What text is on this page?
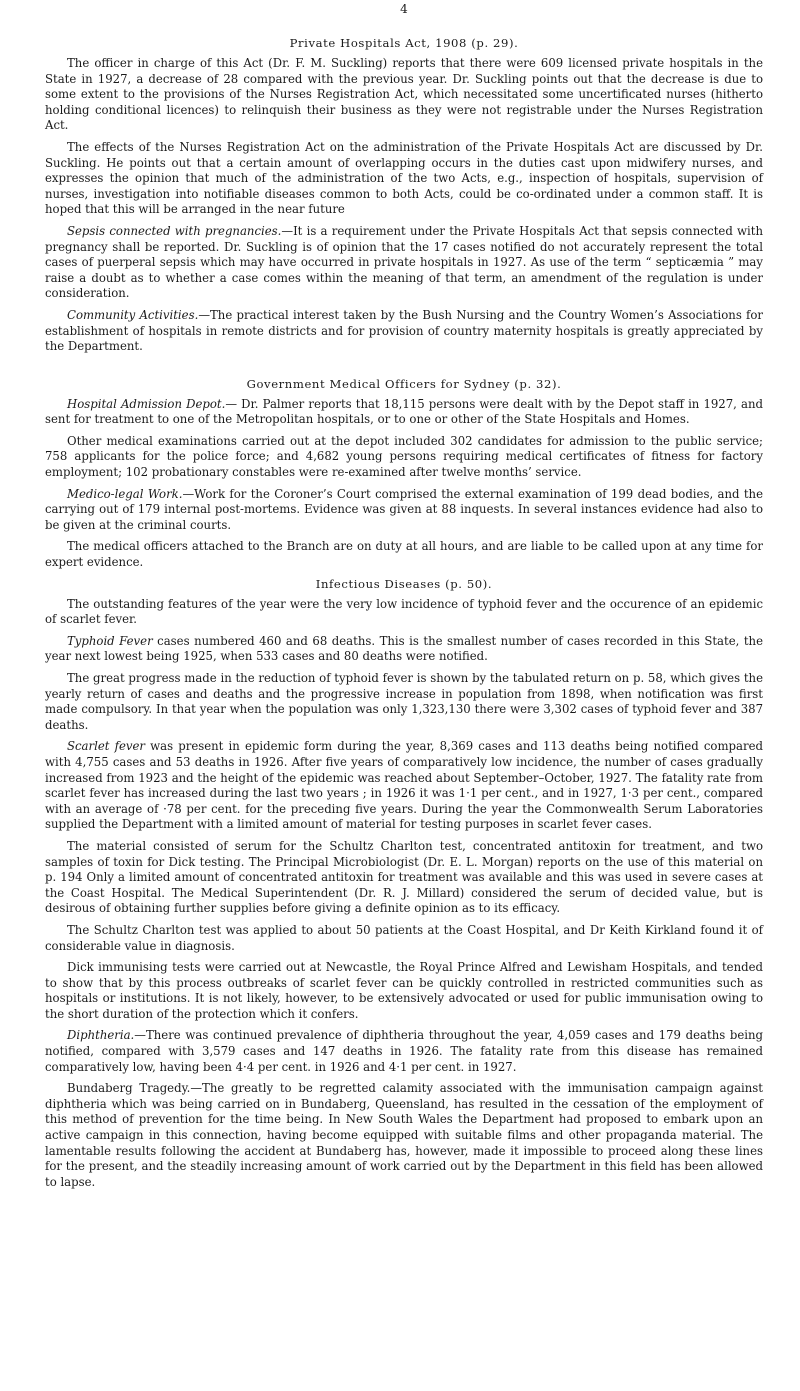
4
Private Hospitals Act, 1908 (p. 29).

The officer in charge of this Act (Dr. F. M. Suckling) reports that there were 609 licensed private hospitals in the State in 1927, a decrease of 28 compared with the previous year. Dr. Suckling points out that the decrease is due to some extent to the provisions of the Nurses Registration Act, which necessitated some uncertificated nurses (hitherto holding conditional licences) to relinquish their business as they were not registrable under the Nurses Registration Act.

The effects of the Nurses Registration Act on the administration of the Private Hospitals Act are discussed by Dr. Suckling. He points out that a certain amount of overlapping occurs in the duties cast upon midwifery nurses, and expresses the opinion that much of the administration of the two Acts, e.g., inspection of hospitals, supervision of nurses, investigation into notifiable diseases common to both Acts, could be co-ordinated under a common staff. It is hoped that this will be arranged in the near future

Sepsis connected with pregnancies.—It is a requirement under the Private Hospitals Act that sepsis connected with pregnancy shall be reported. Dr. Suckling is of opinion that the 17 cases notified do not accurately represent the total cases of puerperal sepsis which may have occurred in private hospitals in 1927. As use of the term “ septicæmia ” may raise a doubt as to whether a case comes within the meaning of that term, an amendment of the regulation is under consideration.

Community Activities.—The practical interest taken by the Bush Nursing and the Country Women’s Associations for establishment of hospitals in remote districts and for provision of country maternity hospitals is greatly appreciated by the Department.

Government Medical Officers for Sydney (p. 32).

Hospital Admission Depot.— Dr. Palmer reports that 18,115 persons were dealt with by the Depot staff in 1927, and sent for treatment to one of the Metropolitan hospitals, or to one or other of the State Hospitals and Homes.

Other medical examinations carried out at the depot included 302 candidates for admission to the public service; 758 applicants for the police force; and 4,682 young persons requiring medical certificates of fitness for factory employment; 102 probationary constables were re-examined after twelve months’ service.

Medico-legal Work.—Work for the Coroner’s Court comprised the external examination of 199 dead bodies, and the carrying out of 179 internal post-mortems. Evidence was given at 88 inquests. In several instances evidence had also to be given at the criminal courts.

The medical officers attached to the Branch are on duty at all hours, and are liable to be called upon at any time for expert evidence.

Infectious Diseases (p. 50).

The outstanding features of the year were the very low incidence of typhoid fever and the occurence of an epidemic of scarlet fever.

Typhoid Fever cases numbered 460 and 68 deaths. This is the smallest number of cases recorded in this State, the year next lowest being 1925, when 533 cases and 80 deaths were notified.

The great progress made in the reduction of typhoid fever is shown by the tabulated return on p. 58, which gives the yearly return of cases and deaths and the progressive increase in population from 1898, when notification was first made compulsory. In that year when the population was only 1,323,130 there were 3,302 cases of typhoid fever and 387 deaths.

Scarlet fever was present in epidemic form during the year, 8,369 cases and 113 deaths being notified compared with 4,755 cases and 53 deaths in 1926. After five years of comparatively low incidence, the number of cases gradually increased from 1923 and the height of the epidemic was reached about September–October, 1927. The fatality rate from scarlet fever has increased during the last two years ; in 1926 it was 1·1 per cent., and in 1927, 1·3 per cent., compared with an average of ·78 per cent. for the preceding five years. During the year the Commonwealth Serum Laboratories supplied the Department with a limited amount of material for testing purposes in scarlet fever cases.

The material consisted of serum for the Schultz Charlton test, concentrated antitoxin for treatment, and two samples of toxin for Dick testing. The Principal Microbiologist (Dr. E. L. Morgan) reports on the use of this material on p. 194 Only a limited amount of concentrated antitoxin for treatment was available and this was used in severe cases at the Coast Hospital. The Medical Superintendent (Dr. R. J. Millard) considered the serum of decided value, but is desirous of obtaining further supplies before giving a definite opinion as to its efficacy.

The Schultz Charlton test was applied to about 50 patients at the Coast Hospital, and Dr Keith Kirkland found it of considerable value in diagnosis.

Dick immunising tests were carried out at Newcastle, the Royal Prince Alfred and Lewisham Hospitals, and tended to show that by this process outbreaks of scarlet fever can be quickly controlled in restricted communities such as hospitals or institutions. It is not likely, however, to be extensively advocated or used for public immunisation owing to the short duration of the protection which it confers.

Diphtheria.—There was continued prevalence of diphtheria throughout the year, 4,059 cases and 179 deaths being notified, compared with 3,579 cases and 147 deaths in 1926. The fatality rate from this disease has remained comparatively low, having been 4·4 per cent. in 1926 and 4·1 per cent. in 1927.

Bundaberg Tragedy.—The greatly to be regretted calamity associated with the immunisation campaign against diphtheria which was being carried on in Bundaberg, Queensland, has resulted in the cessation of the employment of this method of prevention for the time being. In New South Wales the Department had proposed to embark upon an active campaign in this connection, having become equipped with suitable films and other propaganda material. The lamentable results following the accident at Bundaberg has, however, made it impossible to proceed along these lines for the present, and the steadily increasing amount of work carried out by the Department in this field has been allowed to lapse.
